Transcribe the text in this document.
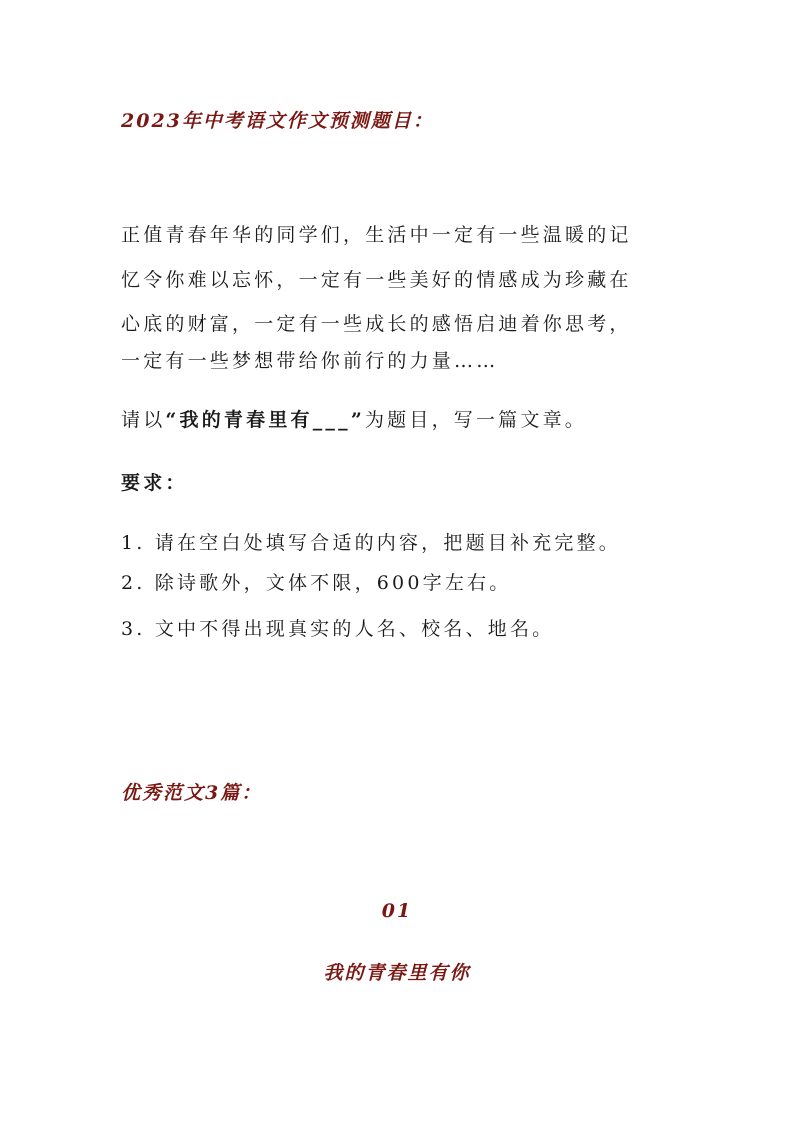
2023年中考语文作文预测题目：
正值青春年华的同学们，生活中一定有一些温暖的记
忆令你难以忘怀，一定有一些美好的情感成为珍藏在
心底的财富，一定有一些成长的感悟启迪着你思考，
一定有一些梦想带给你前行的力量……
请以“我的青春里有___”为题目，写一篇文章。
要求：
1. 请在空白处填写合适的内容，把题目补充完整。
2. 除诗歌外，文体不限，600字左右。
3. 文中不得出现真实的人名、校名、地名。
优秀范文3篇：
01
我的青春里有你
